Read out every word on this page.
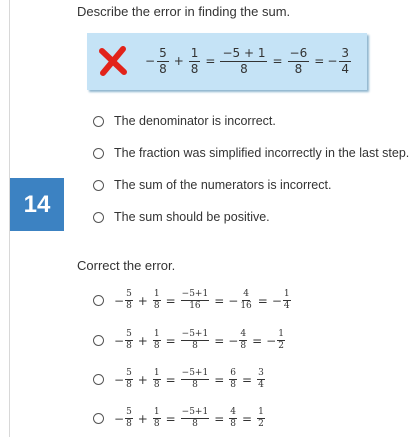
14
Describe the error in finding the sum.
− $\frac{5}{8} + \frac{1}{8} = \frac{-5 + 1}{8} = \frac{-6}{8}$ = − $\frac{3}{4}$
The denominator is incorrect.
The fraction was simplified incorrectly in the last step.
The sum of the numerators is incorrect.
The sum should be positive.
Correct the error.
− $\frac{5}{8} + \frac{1}{8} = \frac{-5+1}{16}$ = − $\frac{4}{16}$ = − $\frac{1}{4}$
− $\frac{5}{8} + \frac{1}{8} = \frac{-5+1}{8}$ = − $\frac{4}{8}$ = − $\frac{1}{2}$
− $\frac{5}{8} + \frac{1}{8} = \frac{-5+1}{8} = \frac{6}{8} = \frac{3}{4}$
− $\frac{5}{8} + \frac{1}{8} = \frac{-5+1}{8} = \frac{4}{8} = \frac{1}{2}$
